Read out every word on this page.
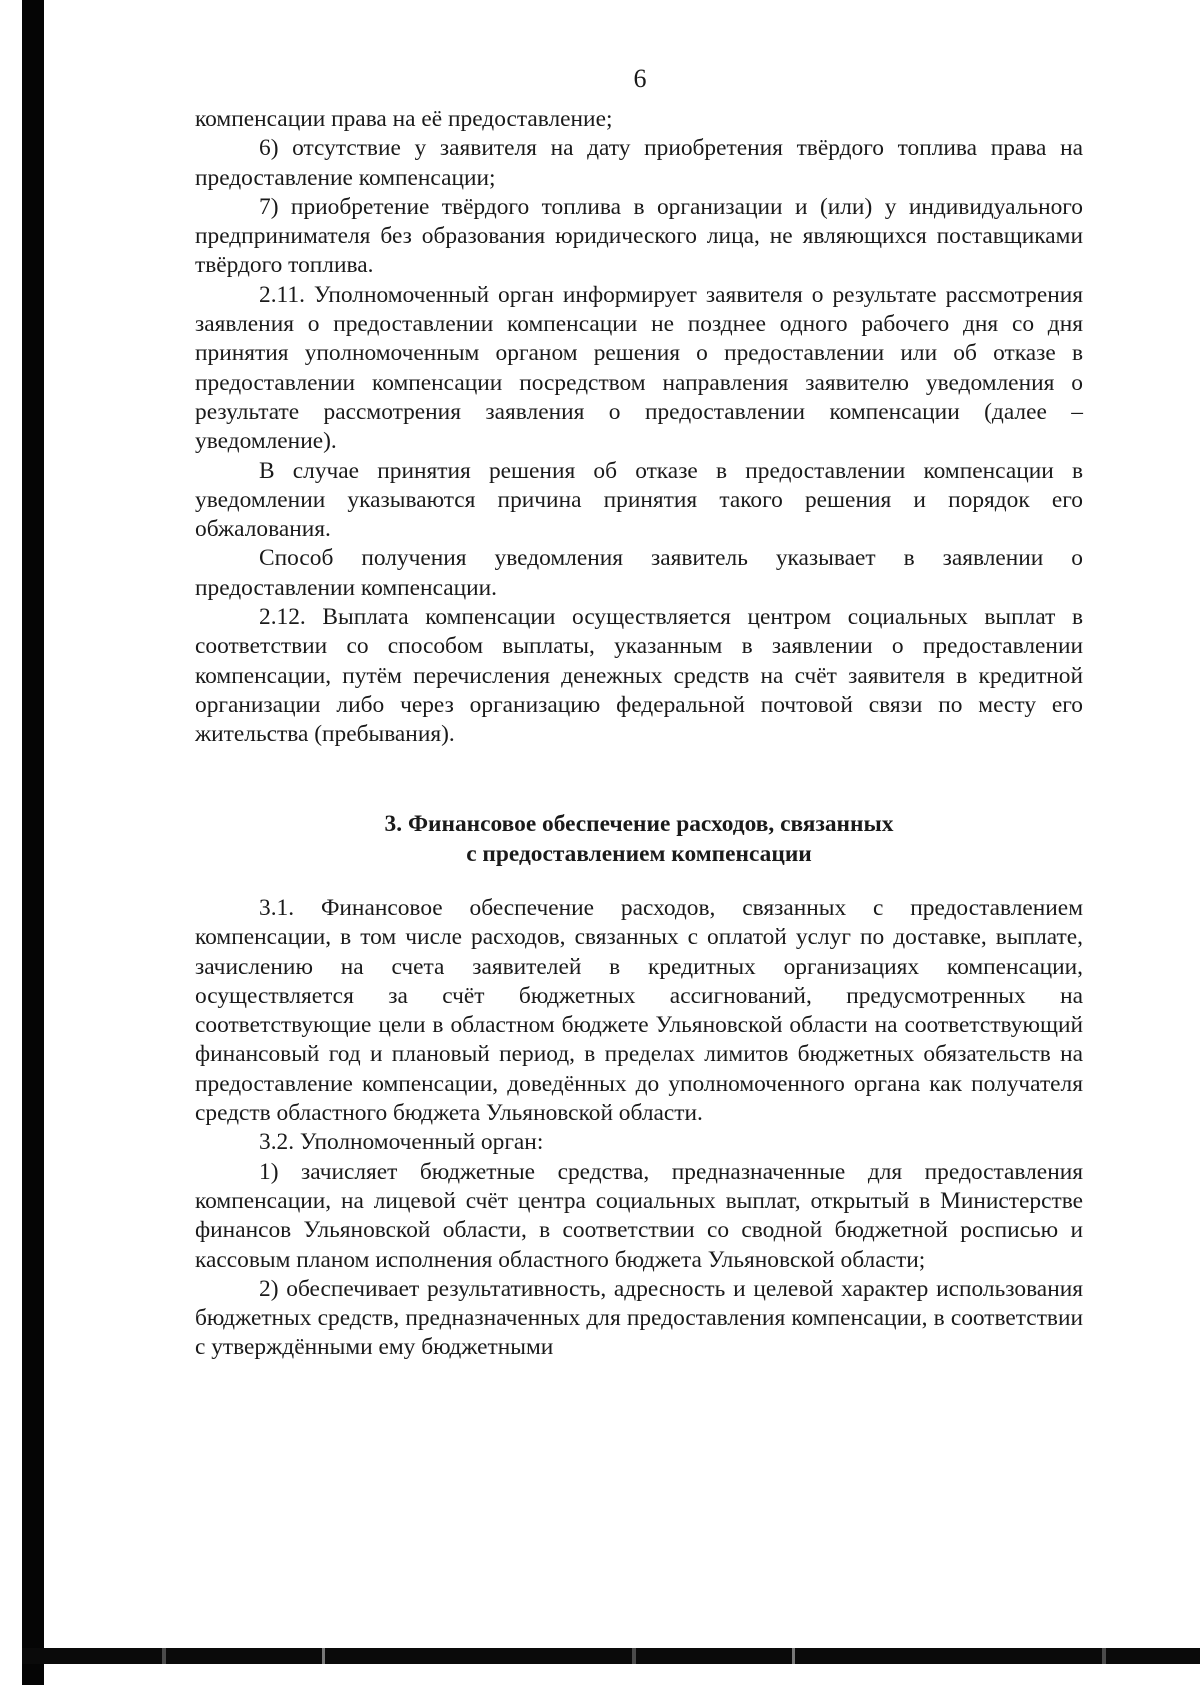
6

компенсации права на её предоставление;

6) отсутствие у заявителя на дату приобретения твёрдого топлива права на предоставление компенсации;

7) приобретение твёрдого топлива в организации и (или) у индивидуального предпринимателя без образования юридического лица, не являющихся поставщиками твёрдого топлива.

2.11. Уполномоченный орган информирует заявителя о результате рассмотрения заявления о предоставлении компенсации не позднее одного рабочего дня со дня принятия уполномоченным органом решения о предоставлении или об отказе в предоставлении компенсации посредством направления заявителю уведомления о результате рассмотрения заявления о предоставлении компенсации (далее – уведомление).

В случае принятия решения об отказе в предоставлении компенсации в уведомлении указываются причина принятия такого решения и порядок его обжалования.

Способ получения уведомления заявитель указывает в заявлении о предоставлении компенсации.

2.12. Выплата компенсации осуществляется центром социальных выплат в соответствии со способом выплаты, указанным в заявлении о предоставлении компенсации, путём перечисления денежных средств на счёт заявителя в кредитной организации либо через организацию федеральной почтовой связи по месту его жительства (пребывания).

3. Финансовое обеспечение расходов, связанных
с предоставлением компенсации

3.1. Финансовое обеспечение расходов, связанных с предоставлением компенсации, в том числе расходов, связанных с оплатой услуг по доставке, выплате, зачислению на счета заявителей в кредитных организациях компенсации, осуществляется за счёт бюджетных ассигнований, предусмотренных на соответствующие цели в областном бюджете Ульяновской области на соответствующий финансовый год и плановый период, в пределах лимитов бюджетных обязательств на предоставление компенсации, доведённых до уполномоченного органа как получателя средств областного бюджета Ульяновской области.

3.2. Уполномоченный орган:

1) зачисляет бюджетные средства, предназначенные для предоставления компенсации, на лицевой счёт центра социальных выплат, открытый в Министерстве финансов Ульяновской области, в соответствии со сводной бюджетной росписью и кассовым планом исполнения областного бюджета Ульяновской области;

2) обеспечивает результативность, адресность и целевой характер использования бюджетных средств, предназначенных для предоставления компенсации, в соответствии с утверждёнными ему бюджетными
